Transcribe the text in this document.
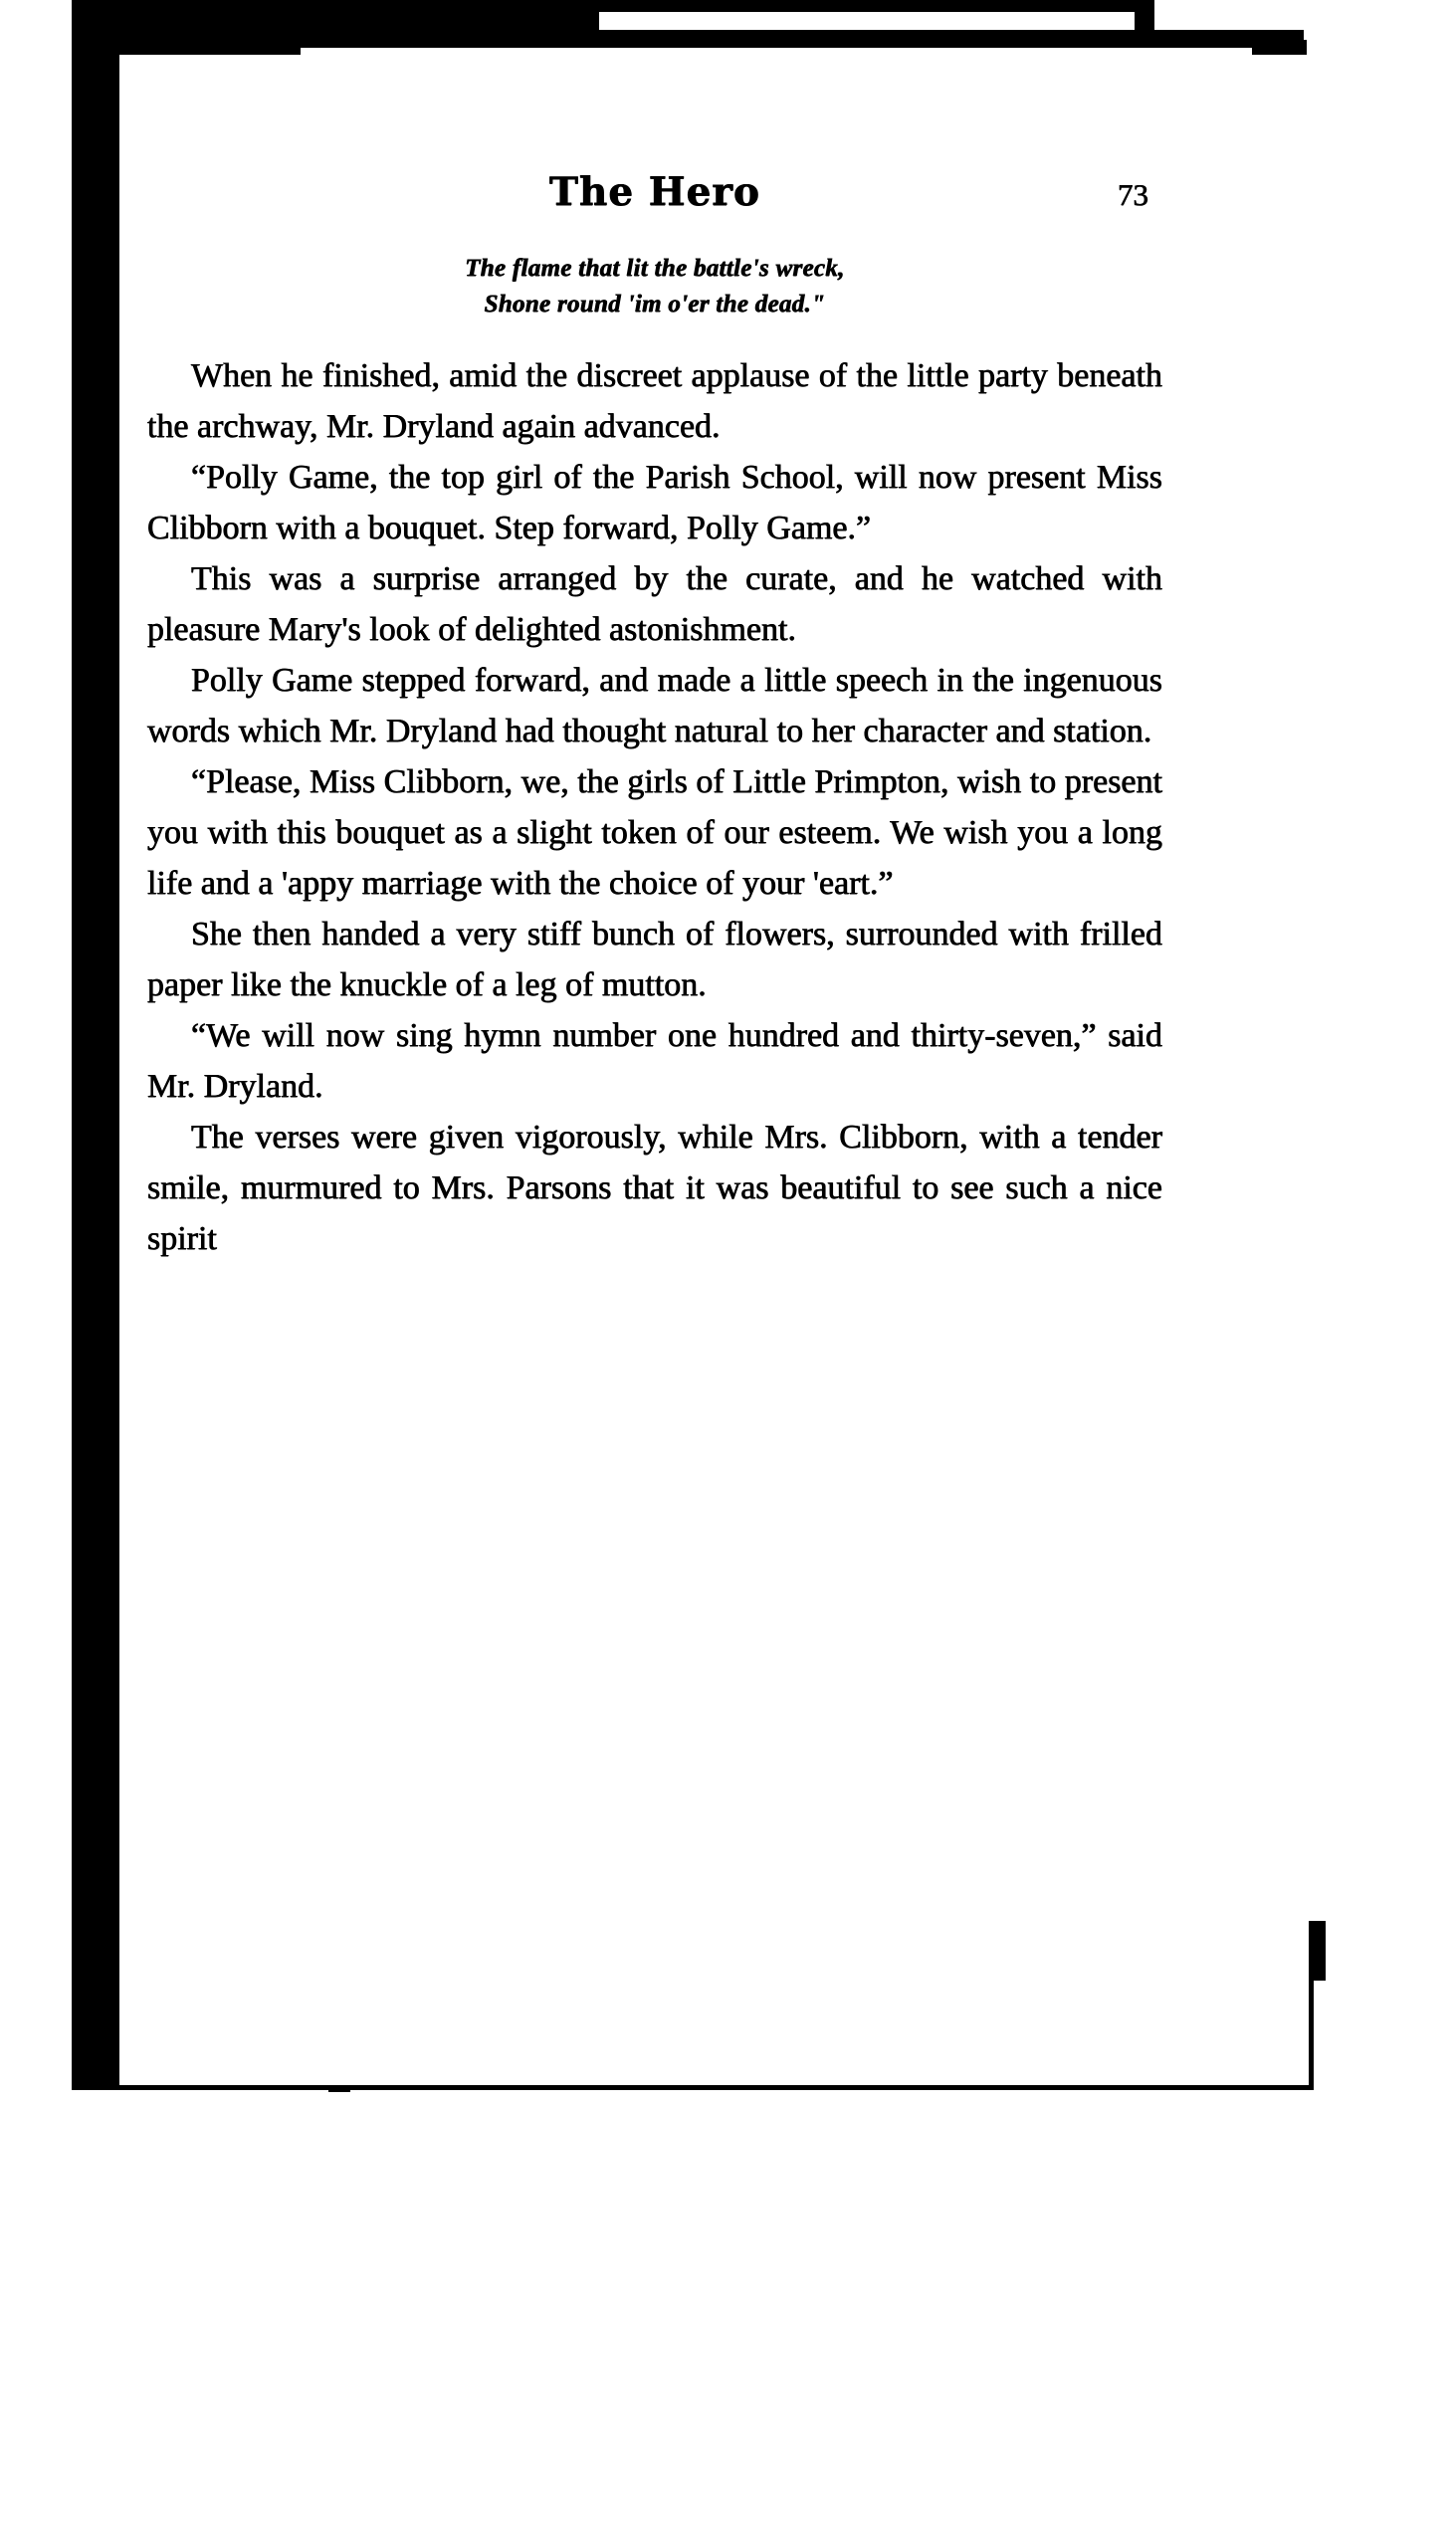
The Hero	73
The flame that lit the battle's wreck,
Shone round 'im o'er the dead."

When he finished, amid the discreet applause of the little party beneath the archway, Mr. Dryland again advanced.

“Polly Game, the top girl of the Parish School, will now present Miss Clibborn with a bouquet. Step forward, Polly Game.”

This was a surprise arranged by the curate, and he watched with pleasure Mary's look of delighted astonishment.

Polly Game stepped forward, and made a little speech in the ingenuous words which Mr. Dryland had thought natural to her character and station.

“Please, Miss Clibborn, we, the girls of Little Primpton, wish to present you with this bouquet as a slight token of our esteem. We wish you a long life and a 'appy marriage with the choice of your 'eart.”

She then handed a very stiff bunch of flowers, surrounded with frilled paper like the knuckle of a leg of mutton.

“We will now sing hymn number one hundred and thirty-seven,” said Mr. Dryland.

The verses were given vigorously, while Mrs. Clibborn, with a tender smile, murmured to Mrs. Parsons that it was beautiful to see such a nice spirit
